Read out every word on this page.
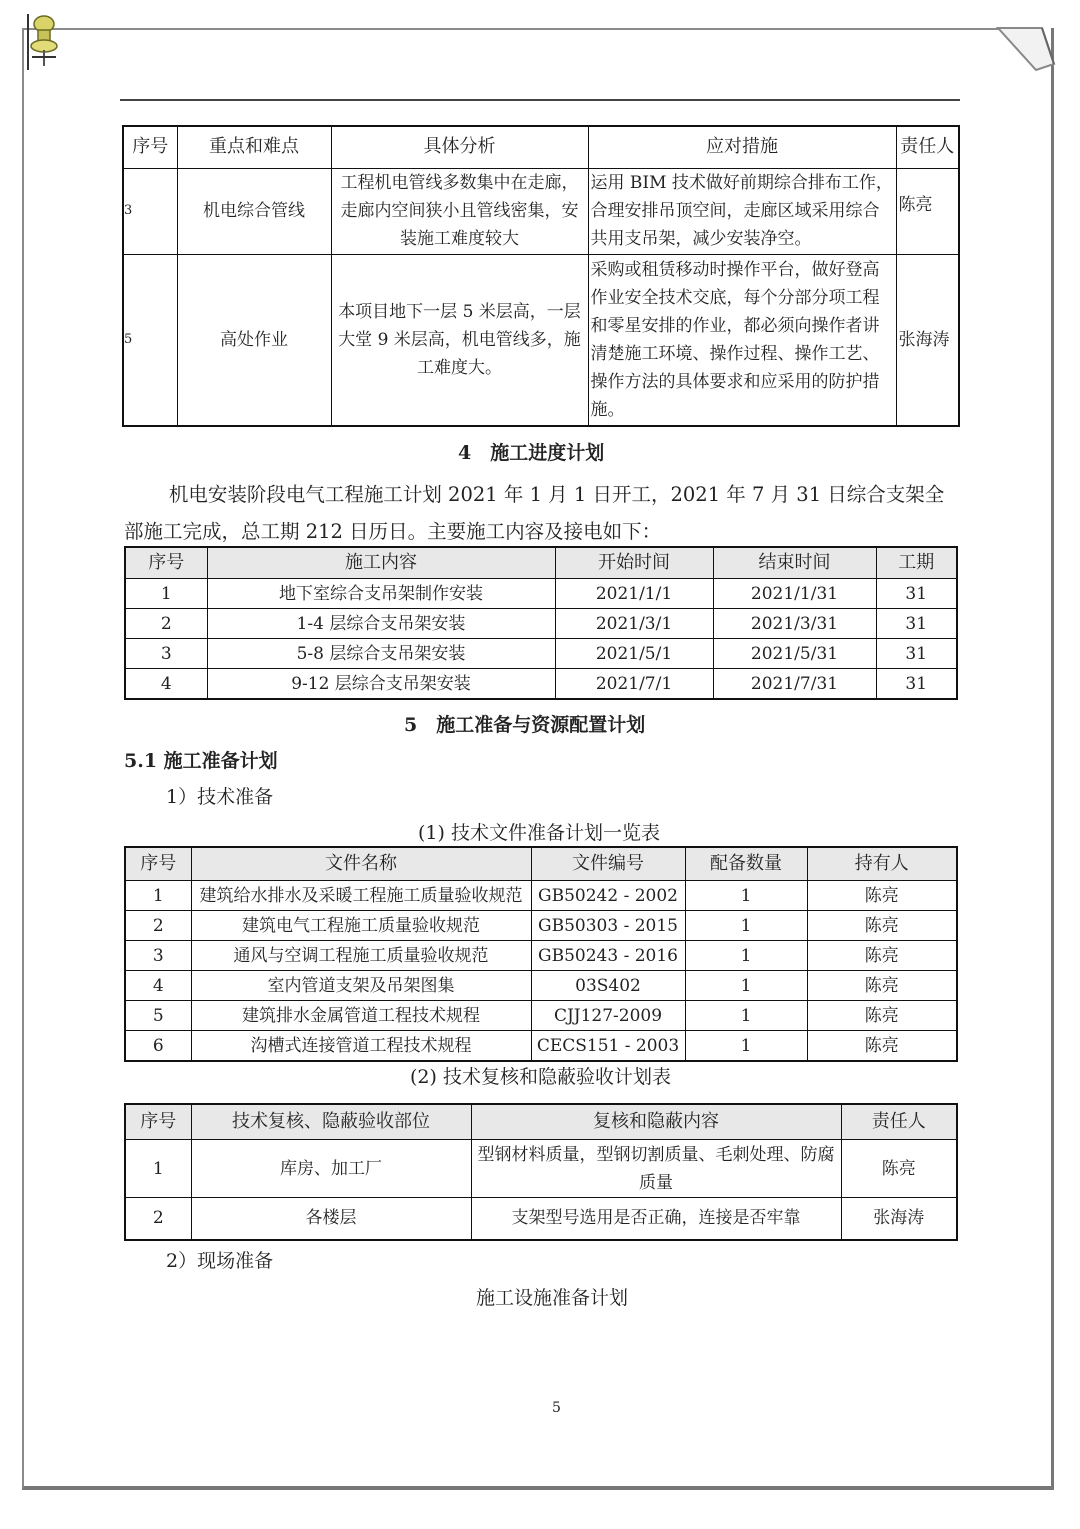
序号	重点和难点	具体分析	应对措施	责任人
3	机电综合管线	工程机电管线多数集中在走廊，走廊内空间狭小且管线密集，安装施工难度较大	运用 BIM 技术做好前期综合排布工作，合理安排吊顶空间，走廊区域采用综合共用支吊架，减少安装净空。	陈亮
5	高处作业	本项目地下一层 5 米层高，一层大堂 9 米层高，机电管线多，施工难度大。	采购或租赁移动时操作平台，做好登高作业安全技术交底，每个分部分项工程和零星安排的作业，都必须向操作者讲清楚施工环境、操作过程、操作工艺、操作方法的具体要求和应采用的防护措施。	张海涛
4　施工进度计划
机电安装阶段电气工程施工计划 2021 年 1 月 1 日开工，2021 年 7 月 31 日综合支架全部施工完成，总工期 212 日历日。主要施工内容及接电如下：
序号	施工内容	开始时间	结束时间	工期
1	地下室综合支吊架制作安装	2021/1/1	2021/1/31	31
2	1-4 层综合支吊架安装	2021/3/1	2021/3/31	31
3	5-8 层综合支吊架安装	2021/5/1	2021/5/31	31
4	9-12 层综合支吊架安装	2021/7/1	2021/7/31	31
5　施工准备与资源配置计划
5.1 施工准备计划
1）技术准备
(1) 技术文件准备计划一览表
序号	文件名称	文件编号	配备数量	持有人
1	建筑给水排水及采暖工程施工质量验收规范	GB50242 - 2002	1	陈亮
2	建筑电气工程施工质量验收规范	GB50303 - 2015	1	陈亮
3	通风与空调工程施工质量验收规范	GB50243 - 2016	1	陈亮
4	室内管道支架及吊架图集	03S402	1	陈亮
5	建筑排水金属管道工程技术规程	CJJ127-2009	1	陈亮
6	沟槽式连接管道工程技术规程	CECS151 - 2003	1	陈亮
(2) 技术复核和隐蔽验收计划表
序号	技术复核、隐蔽验收部位	复核和隐蔽内容	责任人
1	库房、加工厂	型钢材料质量，型钢切割质量、毛刺处理、防腐质量	陈亮
2	各楼层	支架型号选用是否正确，连接是否牢靠	张海涛
2）现场准备
施工设施准备计划
5
